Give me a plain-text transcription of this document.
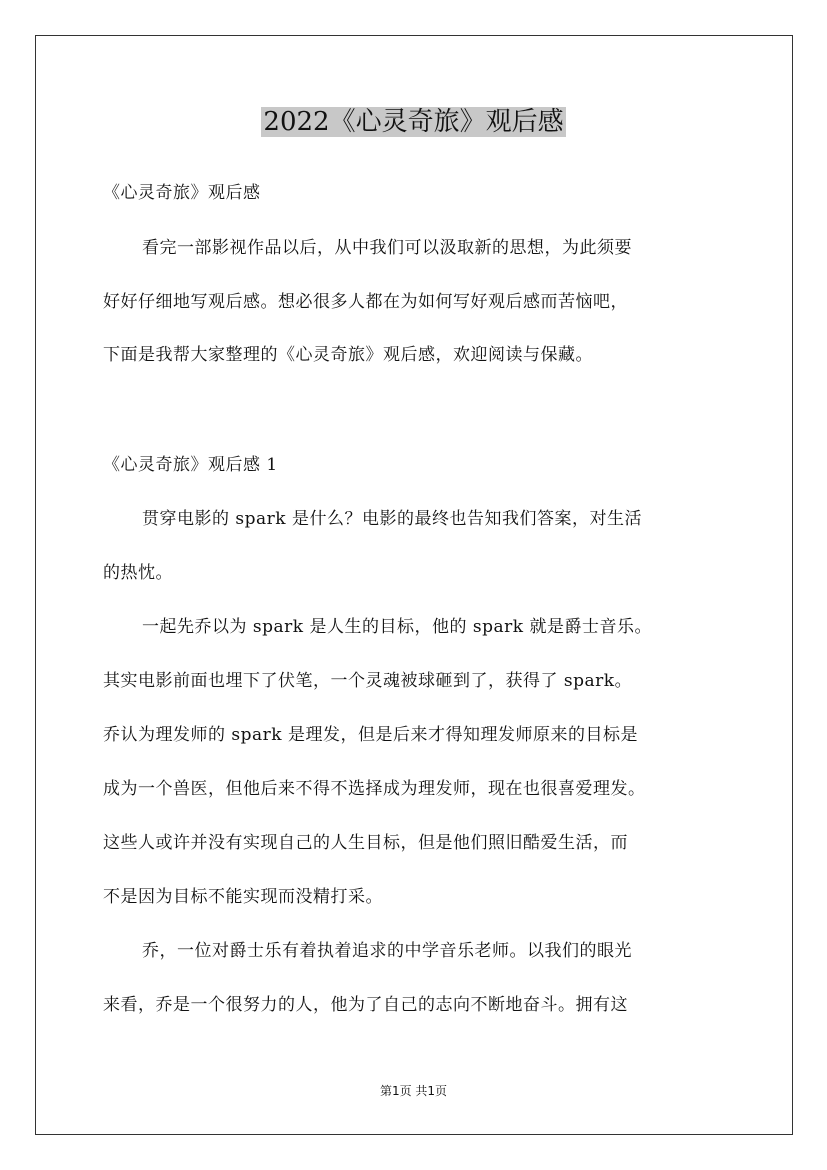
2022《心灵奇旅》观后感
《心灵奇旅》观后感
看完一部影视作品以后，从中我们可以汲取新的思想，为此须要
好好仔细地写观后感。想必很多人都在为如何写好观后感而苦恼吧，
下面是我帮大家整理的《心灵奇旅》观后感，欢迎阅读与保藏。
《心灵奇旅》观后感 1
贯穿电影的 spark 是什么？电影的最终也告知我们答案，对生活
的热忱。
一起先乔以为 spark 是人生的目标，他的 spark 就是爵士音乐。
其实电影前面也埋下了伏笔，一个灵魂被球砸到了，获得了 spark。
乔认为理发师的 spark 是理发，但是后来才得知理发师原来的目标是
成为一个兽医，但他后来不得不选择成为理发师，现在也很喜爱理发。
这些人或许并没有实现自己的人生目标，但是他们照旧酷爱生活，而
不是因为目标不能实现而没精打采。
乔，一位对爵士乐有着执着追求的中学音乐老师。以我们的眼光
来看，乔是一个很努力的人，他为了自己的志向不断地奋斗。拥有这
第1页 共1页
